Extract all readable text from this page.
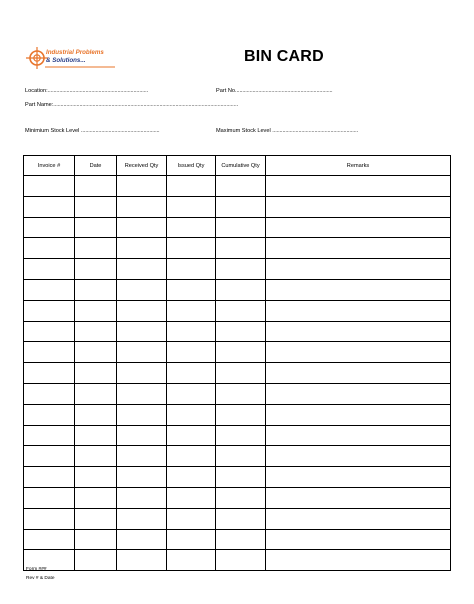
Industrial Problems
& Solutions...	BIN CARD
Location:.....................................................................	Part No...................................................................
Part Name:...............................................................................................................................
Minimium Stock Level ......................................................	Maximum Stock Level ...........................................................
Invoice #	Date	Received Qty	Issued Qty	Cumulative Qty	Remarks

Form ###
Rev # & Date
